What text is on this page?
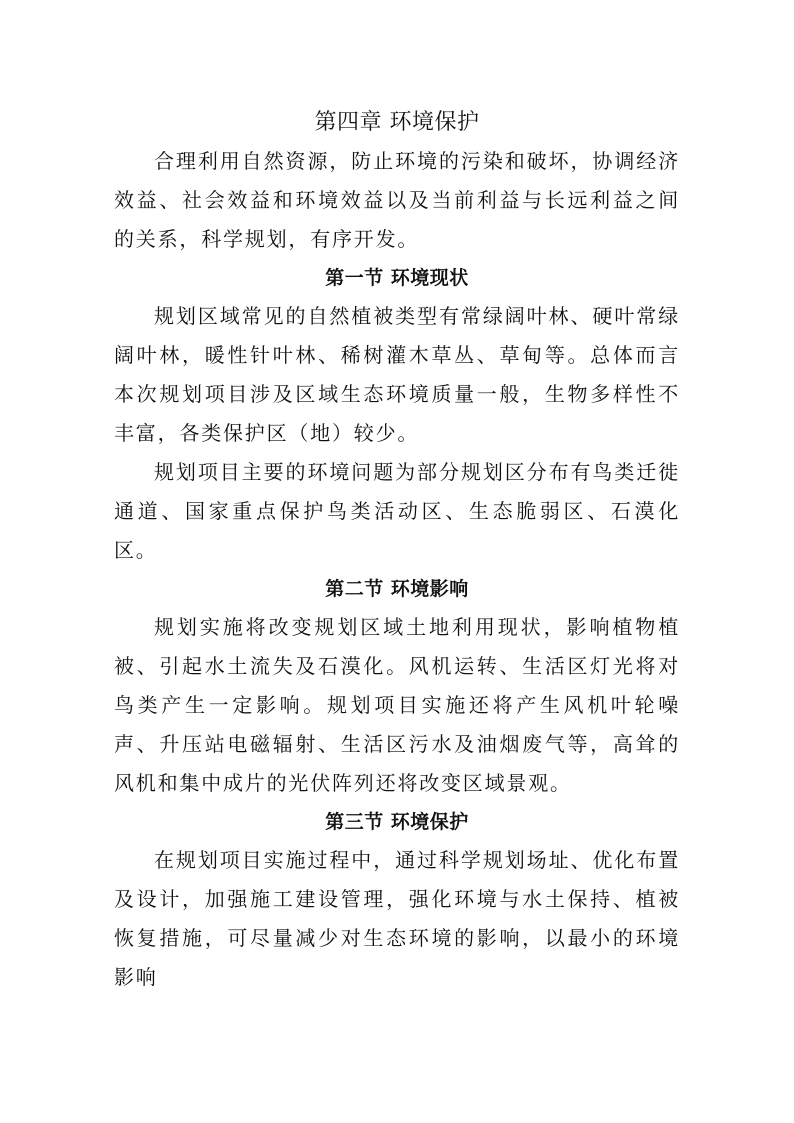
第四章 环境保护

合理利用自然资源，防止环境的污染和破坏，协调经济效益、社会效益和环境效益以及当前利益与长远利益之间的关系，科学规划，有序开发。

第一节 环境现状

规划区域常见的自然植被类型有常绿阔叶林、硬叶常绿阔叶林，暖性针叶林、稀树灌木草丛、草甸等。总体而言本次规划项目涉及区域生态环境质量一般，生物多样性不丰富，各类保护区（地）较少。

规划项目主要的环境问题为部分规划区分布有鸟类迁徙通道、国家重点保护鸟类活动区、生态脆弱区、石漠化区。

第二节 环境影响

规划实施将改变规划区域土地利用现状，影响植物植被、引起水土流失及石漠化。风机运转、生活区灯光将对鸟类产生一定影响。规划项目实施还将产生风机叶轮噪声、升压站电磁辐射、生活区污水及油烟废气等，高耸的风机和集中成片的光伏阵列还将改变区域景观。

第三节 环境保护

在规划项目实施过程中，通过科学规划场址、优化布置及设计，加强施工建设管理，强化环境与水土保持、植被恢复措施，可尽量减少对生态环境的影响，以最小的环境影响
